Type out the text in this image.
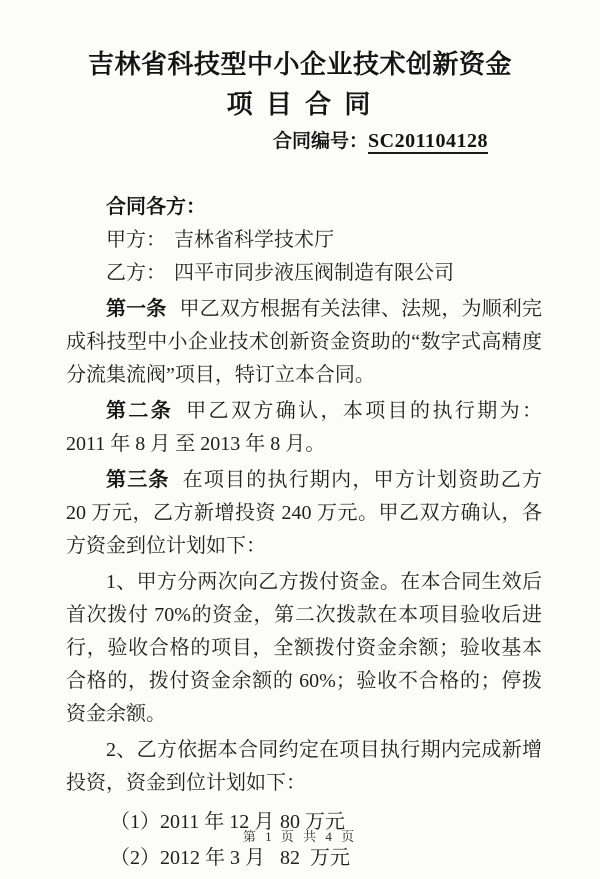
吉林省科技型中小企业技术创新资金
项 目 合 同
合同编号：SC201104128

合同各方：

甲方： 吉林省科学技术厅

乙方： 四平市同步液压阀制造有限公司

第一条 甲乙双方根据有关法律、法规，为顺利完成科技型中小企业技术创新资金资助的“数字式高精度分流集流阀”项目，特订立本合同。

第二条 甲乙双方确认，本项目的执行期为： 2011 年 8 月 至 2013 年 8 月。

第三条 在项目的执行期内，甲方计划资助乙方 20 万元，乙方新增投资 240 万元。甲乙双方确认，各方资金到位计划如下：

1、甲方分两次向乙方拨付资金。在本合同生效后首次拨付 70%的资金，第二次拨款在本项目验收后进行，验收合格的项目，全额拨付资金余额；验收基本合格的，拨付资金余额的 60%；验收不合格的；停拨资金余额。

2、乙方依据本合同约定在项目执行期内完成新增投资，资金到位计划如下：

（1）2011 年 12 月 80 万元
（2）2012 年 3 月 82  万元
第 1 页 共 4 页
